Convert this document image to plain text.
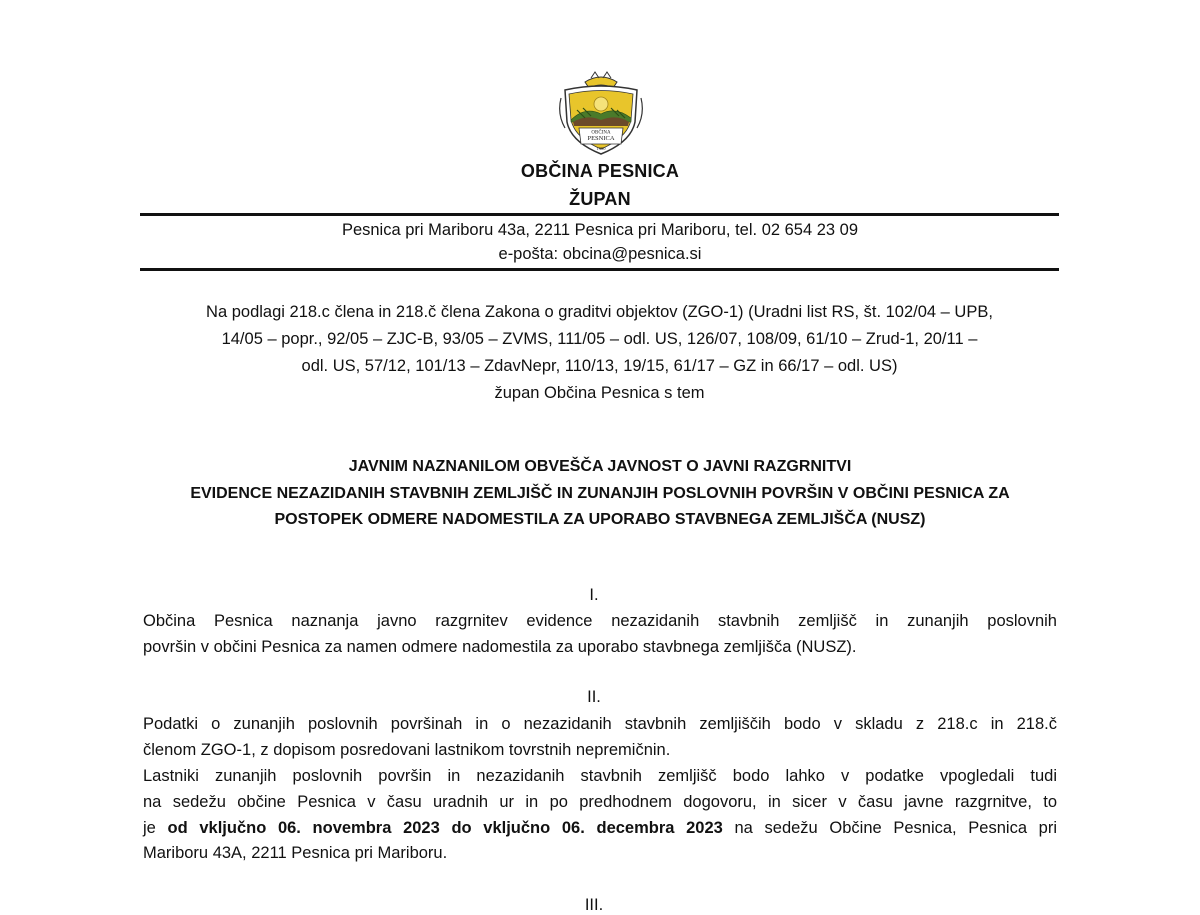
OBČINA
PESNICA
1990
OBČINA PESNICA
ŽUPAN
Pesnica pri Mariboru 43a, 2211 Pesnica pri Mariboru, tel. 02 654 23 09
e-pošta: obcina@pesnica.si
Na podlagi 218.c člena in 218.č člena Zakona o graditvi objektov (ZGO-1) (Uradni list RS, št. 102/04 – UPB,
14/05 – popr., 92/05 – ZJC-B, 93/05 – ZVMS, 111/05 – odl. US, 126/07, 108/09, 61/10 – Zrud-1, 20/11 –
odl. US, 57/12, 101/13 – ZdavNepr, 110/13, 19/15, 61/17 – GZ in 66/17 – odl. US)
župan Občina Pesnica s tem
JAVNIM NAZNANILOM OBVEŠČA JAVNOST O JAVNI RAZGRNITVI
EVIDENCE NEZAZIDANIH STAVBNIH ZEMLJIŠČ IN ZUNANJIH POSLOVNIH POVRŠIN V OBČINI PESNICA ZA
POSTOPEK ODMERE NADOMESTILA ZA UPORABO STAVBNEGA ZEMLJIŠČA (NUSZ)
I.
Občina Pesnica naznanja javno razgrnitev evidence nezazidanih stavbnih zemljišč in zunanjih poslovnih
površin v občini Pesnica za namen odmere nadomestila za uporabo stavbnega zemljišča (NUSZ).
II.
Podatki o zunanjih poslovnih površinah in o nezazidanih stavbnih zemljiščih bodo v skladu z 218.c in 218.č
členom ZGO-1, z dopisom posredovani lastnikom tovrstnih nepremičnin.
Lastniki zunanjih poslovnih površin in nezazidanih stavbnih zemljišč bodo lahko v podatke vpogledali tudi
na sedežu občine Pesnica v času uradnih ur in po predhodnem dogovoru, in sicer v času javne razgrnitve, to
je od vključno 06. novembra 2023 do vključno 06. decembra 2023 na sedežu Občine Pesnica, Pesnica pri
Mariboru 43A, 2211 Pesnica pri Mariboru.
III.
